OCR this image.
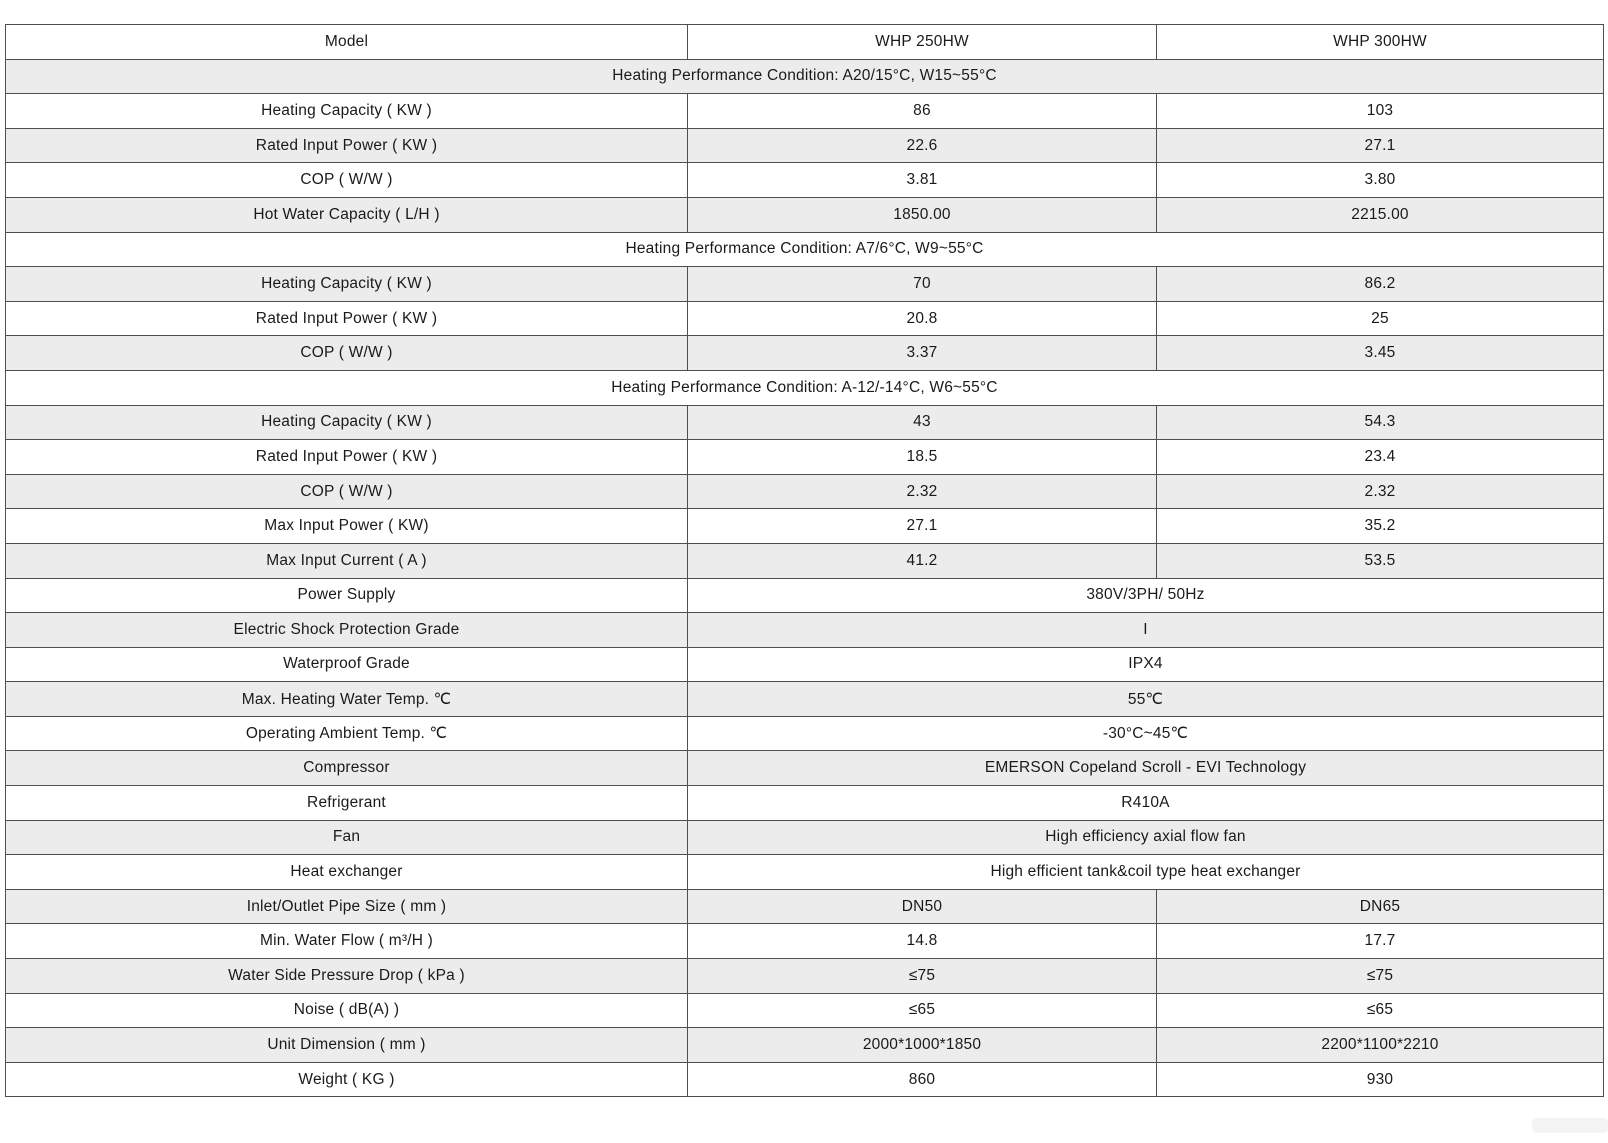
Model	WHP 250HW	WHP 300HW
Heating Performance Condition: A20/15°C, W15~55°C		
Heating Capacity ( KW )	86	103
Rated Input Power ( KW )	22.6	27.1
COP ( W/W )	3.81	3.80
Hot Water Capacity ( L/H )	1850.00	2215.00
Heating Performance Condition: A7/6°C, W9~55°C		
Heating Capacity ( KW )	70	86.2
Rated Input Power ( KW )	20.8	25
COP ( W/W )	3.37	3.45
Heating Performance Condition: A-12/-14°C, W6~55°C		
Heating Capacity ( KW )	43	54.3
Rated Input Power ( KW )	18.5	23.4
COP ( W/W )	2.32	2.32
Max Input Power ( KW)	27.1	35.2
Max Input Current ( A )	41.2	53.5
Power Supply	380V/3PH/ 50Hz	
Electric Shock Protection Grade	I	
Waterproof Grade	IPX4	
Max. Heating Water Temp. ℃	55℃	
Operating Ambient Temp. ℃	-30°C~45℃	
Compressor	EMERSON Copeland Scroll - EVI Technology	
Refrigerant	R410A	
Fan	High efficiency axial flow fan	
Heat exchanger	High efficient tank&coil type heat exchanger	
Inlet/Outlet Pipe Size ( mm )	DN50	DN65
Min. Water Flow ( m³/H )	14.8	17.7
Water Side Pressure Drop ( kPa )	≤75	≤75
Noise ( dB(A) )	≤65	≤65
Unit Dimension ( mm )	2000*1000*1850	2200*1100*2210
Weight ( KG )	860	930
